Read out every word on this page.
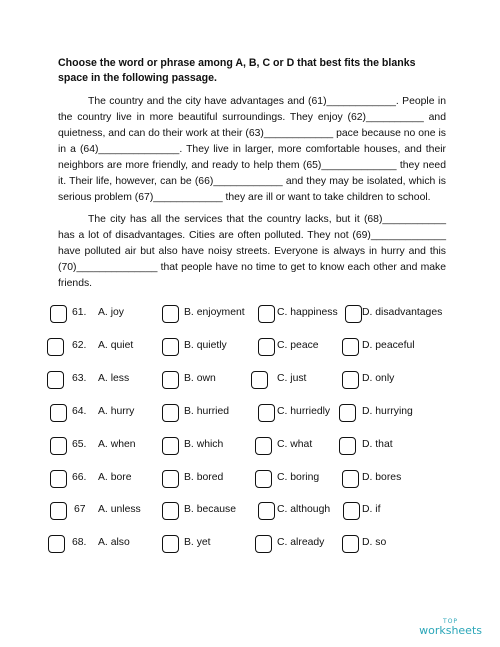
Choose the word or phrase among A, B, C or D that best fits the blanks space in the following passage.

The country and the city have advantages and (61)____________. People in the country live in more beautiful surroundings. They enjoy (62)__________ and quietness, and can do their work at their (63)____________ pace because no one is in a (64)______________. They live in larger, more comfortable houses, and their neighbors are more friendly, and ready to help them (65)_____________ they need it. Their life, however, can be (66)____________ and they may be isolated, which is serious problem (67)____________ they are ill or want to take children to school.

The city has all the services that the country lacks, but it (68)___________ has a lot of disadvantages. Cities are often polluted. They not (69)_____________ have polluted air but also have noisy streets. Everyone is always in hurry and this (70)______________ that people have no time to get to know each other and make friends.

61. A. joy	B. enjoyment	C. happiness D. disadvantages
62. A. quiet	B. quietly	C. peace	D. peaceful
63. A. less	B. own	C. just	D. only
64. A. hurry	B. hurried	C. hurriedly	D. hurrying
65. A. when	B. which	C. what	D. that
66. A. bore	B. bored	C. boring	D. bores
67 A. unless	B. because	C. although	D. if
68. A. also	B. yet	C. already	D. so
TOP
worksheets
